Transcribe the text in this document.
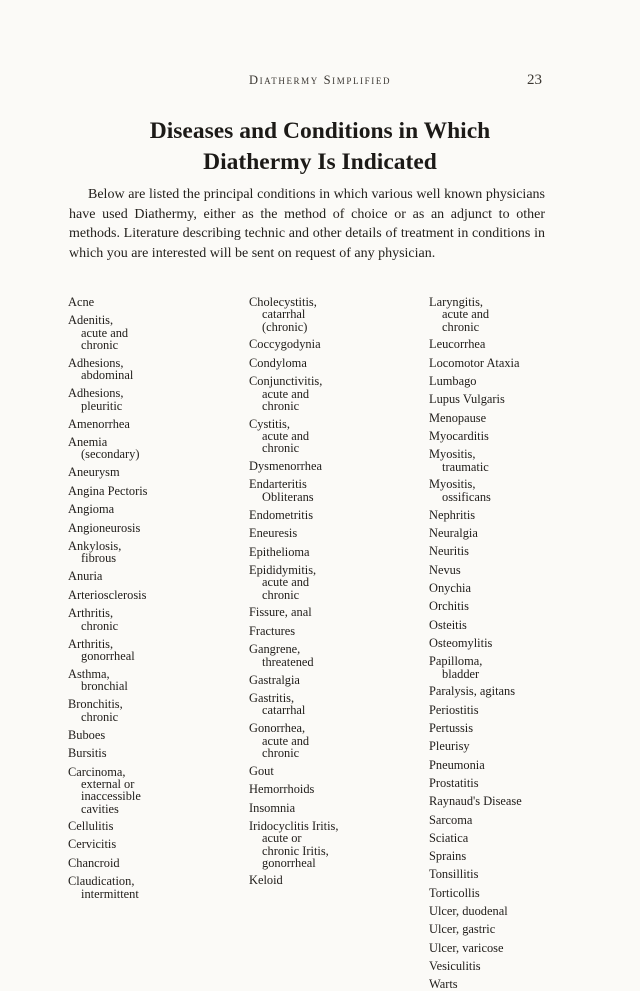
Diathermy Simplified	23
Diseases and Conditions in Which
Diathermy Is Indicated

Below are listed the principal conditions in which various well known physicians have used Diathermy, either as the method of choice or as an adjunct to other methods. Literature describing technic and other details of treatment in conditions in which you are interested will be sent on request of any physician.

Acne
Adenitis,
acute and
chronic
Adhesions,
abdominal
Adhesions,
pleuritic
Amenorrhea
Anemia
(secondary)
Aneurysm
Angina Pectoris
Angioma
Angioneurosis
Ankylosis,
fibrous
Anuria
Arteriosclerosis
Arthritis,
chronic
Arthritis,
gonorrheal
Asthma,
bronchial
Bronchitis,
chronic
Buboes
Bursitis
Carcinoma,
external or
inaccessible
cavities
Cellulitis
Cervicitis
Chancroid
Claudication,
intermittent
Cholecystitis,
catarrhal
(chronic)
Coccygodynia
Condyloma
Conjunctivitis,
acute and
chronic
Cystitis,
acute and
chronic
Dysmenorrhea
Endarteritis
Obliterans
Endometritis
Eneuresis
Epithelioma
Epididymitis,
acute and
chronic
Fissure, anal
Fractures
Gangrene,
threatened
Gastralgia
Gastritis,
catarrhal
Gonorrhea,
acute and
chronic
Gout
Hemorrhoids
Insomnia
Iridocyclitis Iritis,
acute or
chronic Iritis,
gonorrheal
Keloid
Laryngitis,
acute and
chronic
Leucorrhea
Locomotor Ataxia
Lumbago
Lupus Vulgaris
Menopause
Myocarditis
Myositis,
traumatic
Myositis,
ossificans
Nephritis
Neuralgia
Neuritis
Nevus
Onychia
Orchitis
Osteitis
Osteomylitis
Papilloma,
bladder
Paralysis, agitans
Periostitis
Pertussis
Pleurisy
Pneumonia
Prostatitis
Raynaud's Disease
Sarcoma
Sciatica
Sprains
Tonsillitis
Torticollis
Ulcer, duodenal
Ulcer, gastric
Ulcer, varicose
Vesiculitis
Warts
